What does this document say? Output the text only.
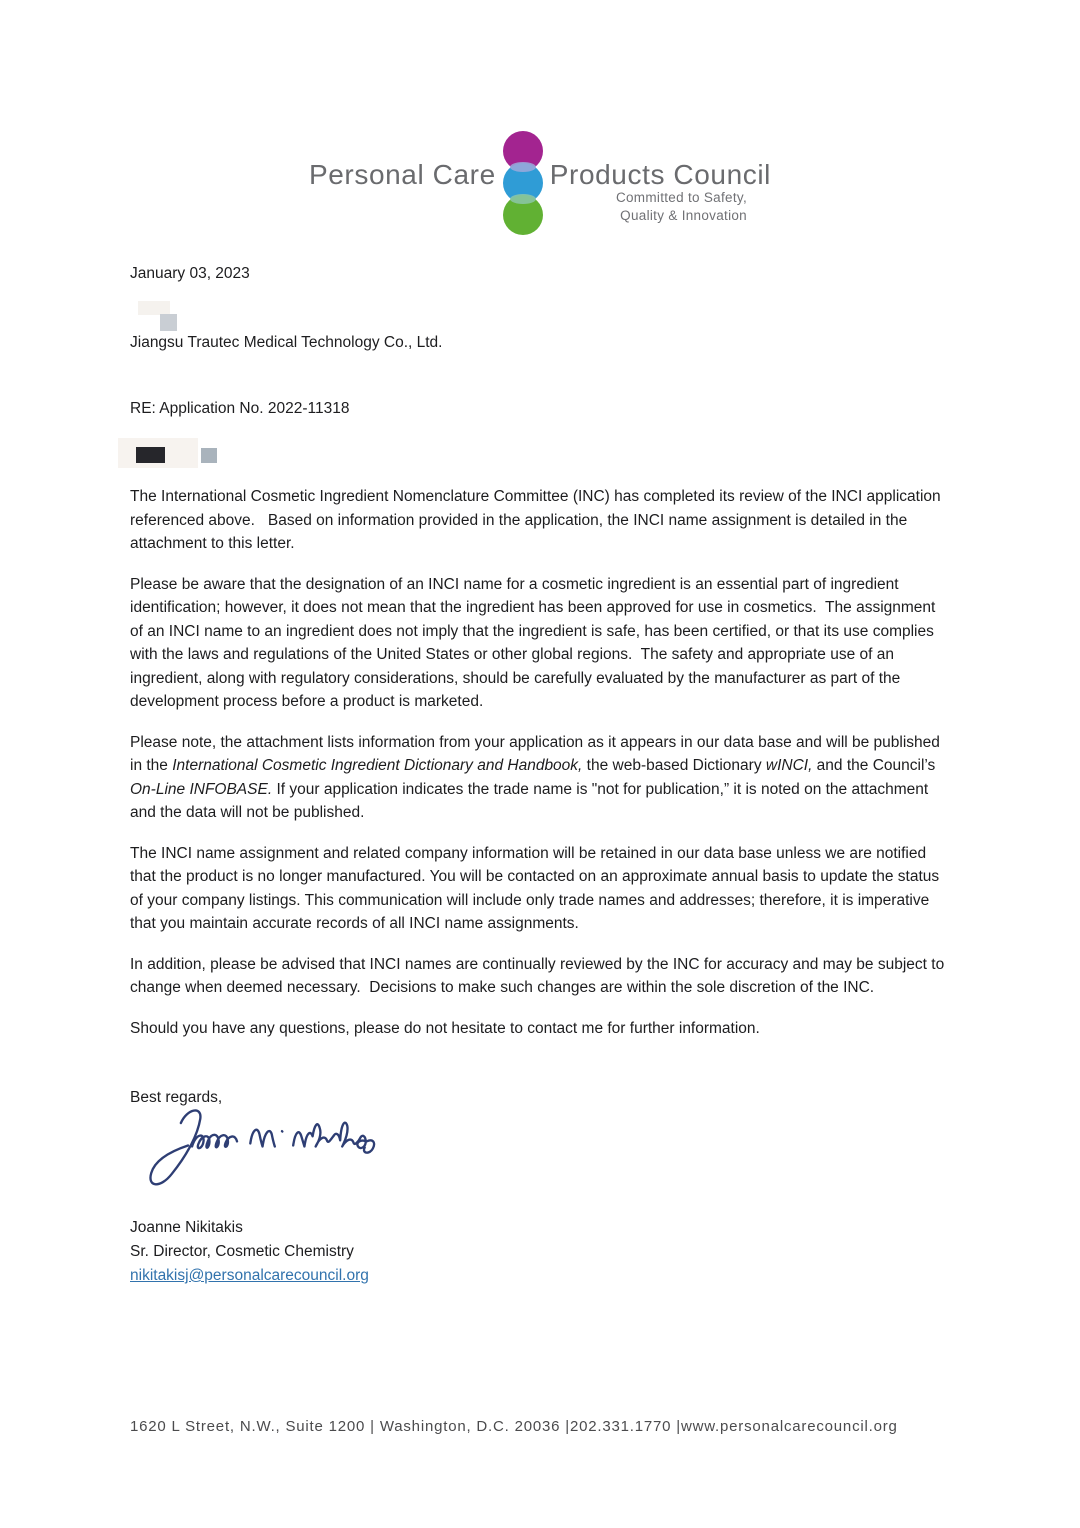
Personal Care Products Council
Committed to Safety,
Quality & Innovation
January 03, 2023
Jiangsu Trautec Medical Technology Co., Ltd.
RE: Application No. 2022-11318

The International Cosmetic Ingredient Nomenclature Committee (INC) has completed its review of the INCI application referenced above.   Based on information provided in the application, the INCI name assignment is detailed in the attachment to this letter.

Please be aware that the designation of an INCI name for a cosmetic ingredient is an essential part of ingredient identification; however, it does not mean that the ingredient has been approved for use in cosmetics.  The assignment of an INCI name to an ingredient does not imply that the ingredient is safe, has been certified, or that its use complies with the laws and regulations of the United States or other global regions.  The safety and appropriate use of an ingredient, along with regulatory considerations, should be carefully evaluated by the manufacturer as part of the development process before a product is marketed.

Please note, the attachment lists information from your application as it appears in our data base and will be published in the International Cosmetic Ingredient Dictionary and Handbook, the web-based Dictionary wINCI, and the Council’s On-Line INFOBASE. If your application indicates the trade name is "not for publication,” it is noted on the attachment and the data will not be published.

The INCI name assignment and related company information will be retained in our data base unless we are notified that the product is no longer manufactured. You will be contacted on an approximate annual basis to update the status of your company listings. This communication will include only trade names and addresses; therefore, it is imperative that you maintain accurate records of all INCI name assignments.

In addition, please be advised that INCI names are continually reviewed by the INC for accuracy and may be subject to change when deemed necessary.  Decisions to make such changes are within the sole discretion of the INC.

Should you have any questions, please do not hesitate to contact me for further information.

Best regards,
Joanne Nikitakis
Sr. Director, Cosmetic Chemistry
nikitakisj@personalcarecouncil.org
1620 L Street, N.W., Suite 1200 | Washington, D.C. 20036 |202.331.1770 |www.personalcarecouncil.org
